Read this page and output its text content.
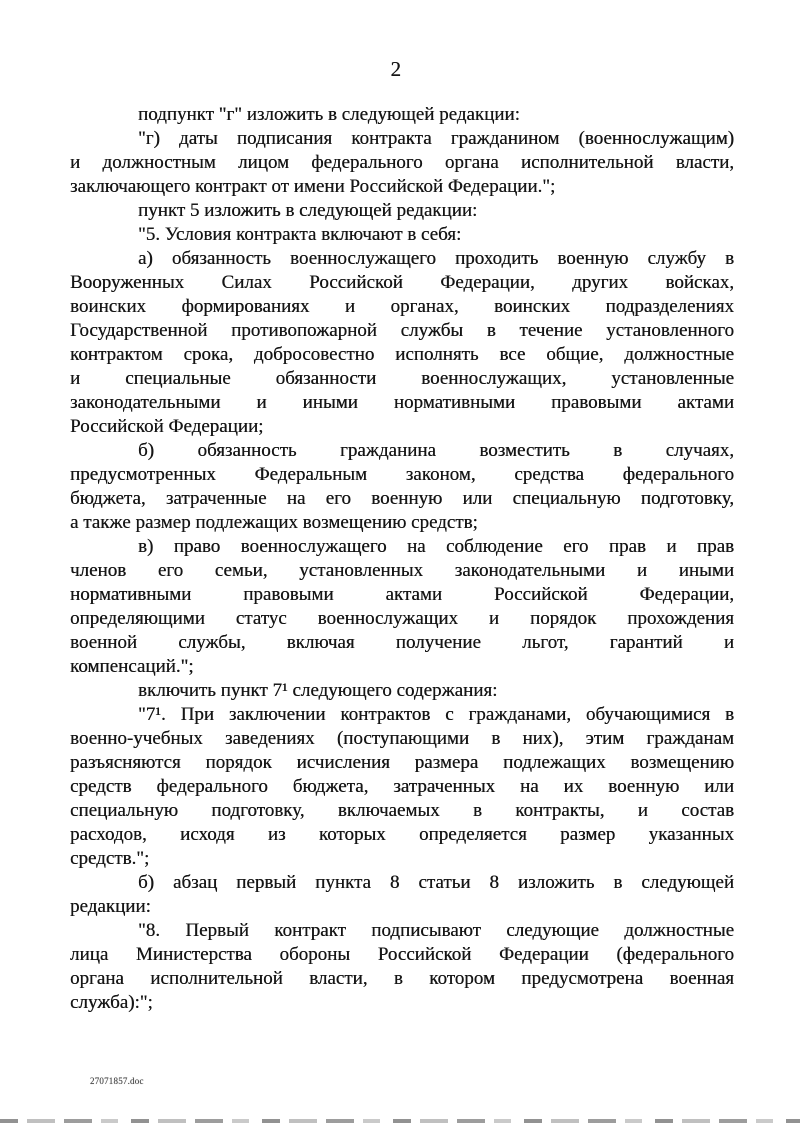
2
подпункт "г" изложить в следующей редакции:
"г) даты подписания контракта гражданином (военнослужащим)
и должностным лицом федерального органа исполнительной власти,
заключающего контракт от имени Российской Федерации.";
пункт 5 изложить в следующей редакции:
"5. Условия контракта включают в себя:
а) обязанность военнослужащего проходить военную службу в
Вооруженных Силах Российской Федерации, других войсках,
воинских формированиях и органах, воинских подразделениях
Государственной противопожарной службы в течение установленного
контрактом срока, добросовестно исполнять все общие, должностные
и специальные обязанности военнослужащих, установленные
законодательными и иными нормативными правовыми актами
Российской Федерации;
б) обязанность гражданина возместить в случаях,
предусмотренных Федеральным законом, средства федерального
бюджета, затраченные на его военную или специальную подготовку,
а также размер подлежащих возмещению средств;
в) право военнослужащего на соблюдение его прав и прав
членов его семьи, установленных законодательными и иными
нормативными правовыми актами Российской Федерации,
определяющими статус военнослужащих и порядок прохождения
военной службы, включая получение льгот, гарантий и
компенсаций.";
включить пункт 7¹ следующего содержания:
"7¹. При заключении контрактов с гражданами, обучающимися в
военно-учебных заведениях (поступающими в них), этим гражданам
разъясняются порядок исчисления размера подлежащих возмещению
средств федерального бюджета, затраченных на их военную или
специальную подготовку, включаемых в контракты, и состав
расходов, исходя из которых определяется размер указанных
средств.";
б) абзац первый пункта 8 статьи 8 изложить в следующей
редакции:
"8. Первый контракт подписывают следующие должностные
лица Министерства обороны Российской Федерации (федерального
органа исполнительной власти, в котором предусмотрена военная
служба):";
27071857.doc
